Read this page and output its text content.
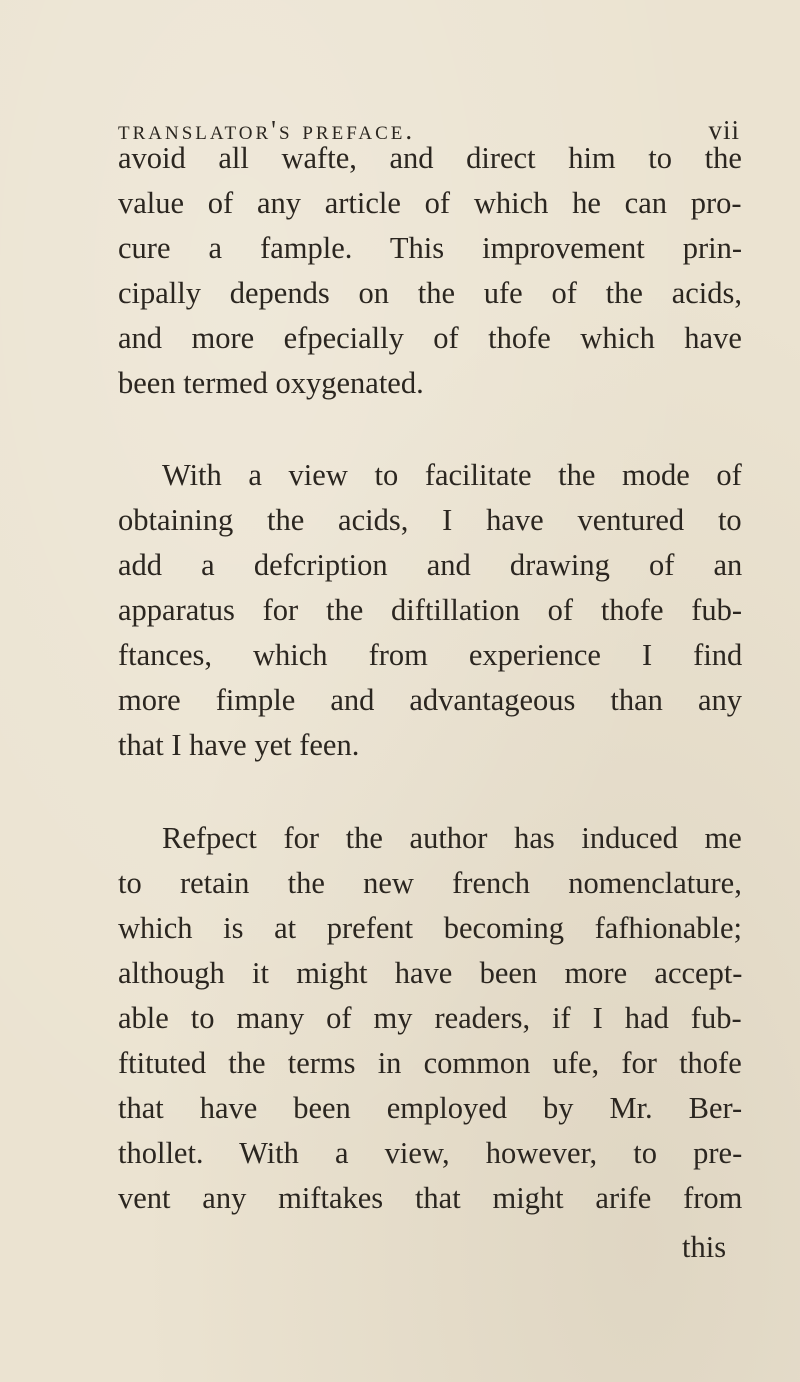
translator's preface.	vii
avoid all wafte, and direct him to the
value of any article of which he can pro-
cure a fample. This improvement prin-
cipally depends on the ufe of the acids,
and more efpecially of thofe which have
been termed oxygenated.
With a view to facilitate the mode of
obtaining the acids, I have ventured to
add a defcription and drawing of an
apparatus for the diftillation of thofe fub-
ftances, which from experience I find
more fimple and advantageous than any
that I have yet feen.
Refpect for the author has induced me
to retain the new french nomenclature,
which is at prefent becoming fafhionable;
although it might have been more accept-
able to many of my readers, if I had fub-
ftituted the terms in common ufe, for thofe
that have been employed by Mr. Ber-
thollet. With a view, however, to pre-
vent any miftakes that might arife from
this
